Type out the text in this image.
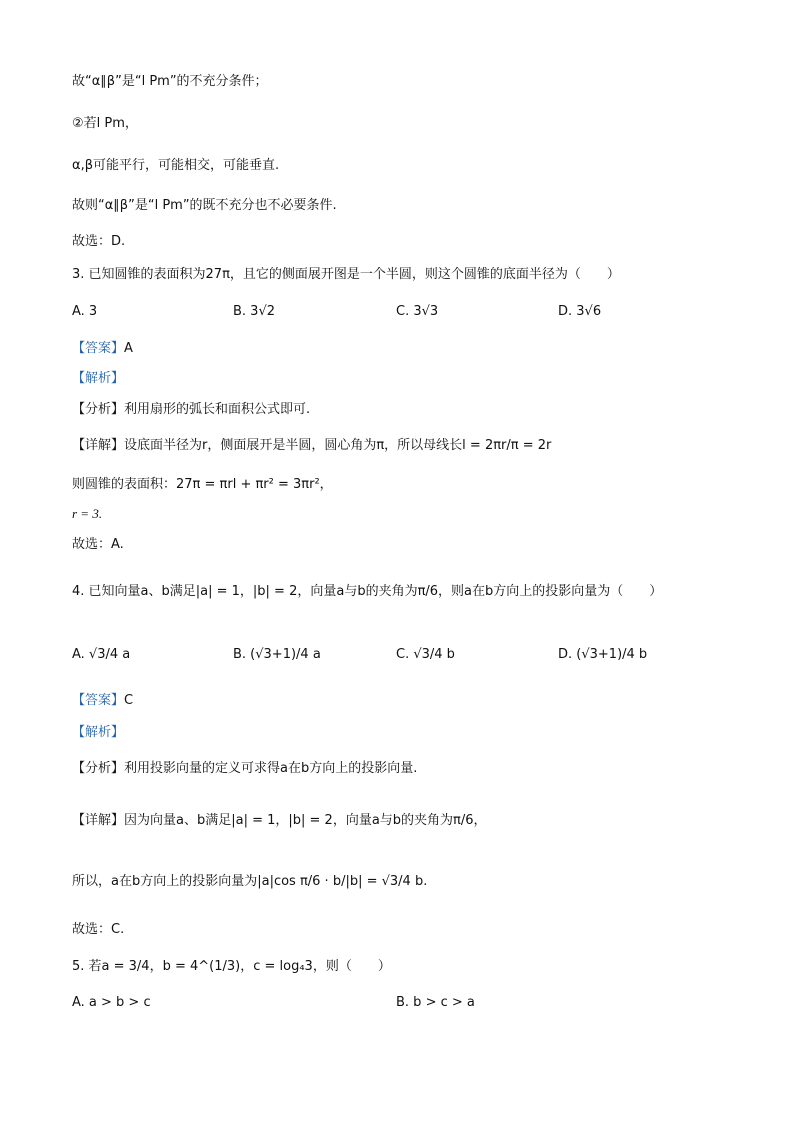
故“α∥β”是“l Pm”的不充分条件；
②若l Pm，
α,β可能平行，可能相交，可能垂直.
故则“α∥β”是“l Pm”的既不充分也不必要条件.
故选：D.
3. 已知圆锥的表面积为27π，且它的侧面展开图是一个半圆，则这个圆锥的底面半径为（　　）
A. 3	B. 3√2	C. 3√3	D. 3√6
【答案】A
【解析】
【分析】利用扇形的弧长和面积公式即可.
【详解】设底面半径为r，侧面展开是半圆，圆心角为π，所以母线长l = 2πr/π = 2r
则圆锥的表面积：27π = πrl + πr² = 3πr²，
r = 3.
故选：A.
4. 已知向量a、b满足|a| = 1，|b| = 2，向量a与b的夹角为π/6，则a在b方向上的投影向量为（　　）
A. √3/4 a	B. (√3+1)/4 a	C. √3/4 b	D. (√3+1)/4 b
【答案】C
【解析】
【分析】利用投影向量的定义可求得a在b方向上的投影向量.
【详解】因为向量a、b满足|a| = 1，|b| = 2，向量a与b的夹角为π/6，
所以，a在b方向上的投影向量为|a|cos π/6 · b/|b| = √3/4 b.
故选：C.
5. 若a = 3/4，b = 4^(1/3)，c = log₄3，则（　　）
A. a > b > c	B. b > c > a
